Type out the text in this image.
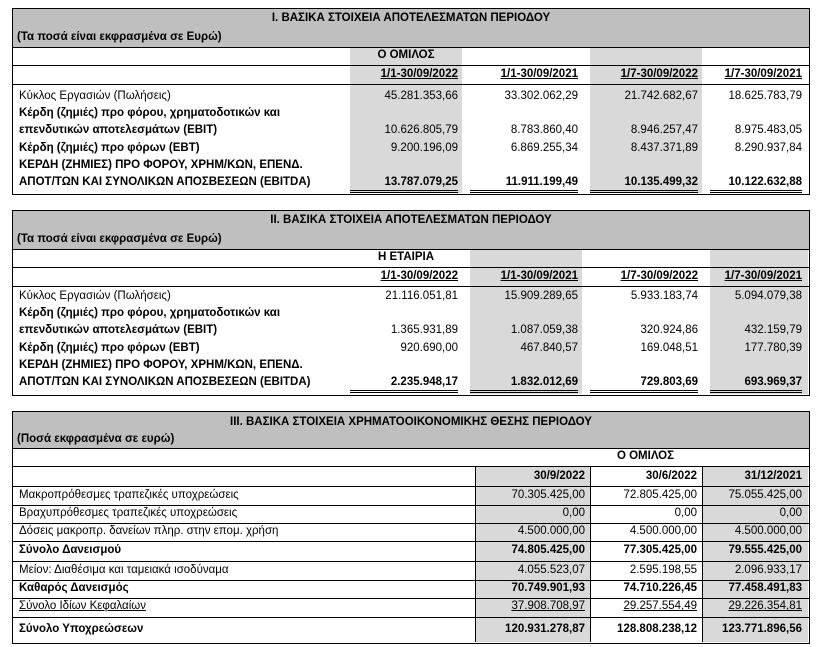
I. ΒΑΣΙΚΑ ΣΤΟΙΧΕΙΑ ΑΠΟΤΕΛΕΣΜΑΤΩΝ ΠΕΡΙΟΔΟΥ
(Τα ποσά είναι εκφρασμένα σε Ευρώ)
Ο ΟΜΙΛΟΣ
1/1-30/09/2022	1/1-30/09/2021	1/7-30/09/2022	1/7-30/09/2021
Κύκλος Εργασιών (Πωλήσεις)	45.281.353,66	33.302.062,29	21.742.682,67	18.625.783,79
Κέρδη (ζημιές) προ φόρου, χρηματοδοτικών και
επενδυτικών αποτελεσμάτων (EBIT)	10.626.805,79	8.783.860,40	8.946.257,47	8.975.483,05
Κέρδη (ζημιές) προ φόρων (EBT)	9.200.196,09	6.869.255,34	8.437.371,89	8.290.937,84
ΚΕΡΔΗ (ΖΗΜΙΕΣ) ΠΡΟ ΦΟΡΟΥ, ΧΡΗΜ/ΚΩΝ, ΕΠΕΝΔ.
ΑΠΟΤ/ΤΩΝ ΚΑΙ ΣΥΝΟΛΙΚΩΝ ΑΠΟΣΒΕΣΕΩΝ (EBITDA)	13.787.079,25	11.911.199,49	10.135.499,32	10.122.632,88
II. ΒΑΣΙΚΑ ΣΤΟΙΧΕΙΑ ΑΠΟΤΕΛΕΣΜΑΤΩΝ ΠΕΡΙΟΔΟΥ
(Τα ποσά είναι εκφρασμένα σε Ευρώ)
Η ΕΤΑΙΡΙΑ
1/1-30/09/2022	1/1-30/09/2021	1/7-30/09/2022	1/7-30/09/2021
Κύκλος Εργασιών (Πωλήσεις)	21.116.051,81	15.909.289,65	5.933.183,74	5.094.079,38
Κέρδη (ζημιές) προ φόρου, χρηματοδοτικών και
επενδυτικών αποτελεσμάτων (EBIT)	1.365.931,89	1.087.059,38	320.924,86	432.159,79
Κέρδη (ζημιές) προ φόρων (EBT)	920.690,00	467.840,57	169.048,51	177.780,39
ΚΕΡΔΗ (ΖΗΜΙΕΣ) ΠΡΟ ΦΟΡΟΥ, ΧΡΗΜ/ΚΩΝ, ΕΠΕΝΔ.
ΑΠΟΤ/ΤΩΝ ΚΑΙ ΣΥΝΟΛΙΚΩΝ ΑΠΟΣΒΕΣΕΩΝ (EBITDA)	2.235.948,17	1.832.012,69	729.803,69	693.969,37
III. ΒΑΣΙΚΑ ΣΤΟΙΧΕΙΑ ΧΡΗΜΑΤΟΟΙΚΟΝΟΜΙΚΗΣ ΘΕΣΗΣ ΠΕΡΙΟΔΟΥ
(Ποσά εκφρασμένα σε ευρώ)
Ο ΟΜΙΛΟΣ
30/9/2022	30/6/2022	31/12/2021
Μακροπρόθεσμες τραπεζικές υποχρεώσεις	70.305.425,00	72.805.425,00	75.055.425,00
Βραχυπρόθεσμες τραπεζικές υποχρεώσεις	0,00	0,00	0,00
Δόσεις μακροπρ. δανείων πληρ. στην επομ. χρήση	4.500.000,00	4.500.000,00	4.500.000,00
Σύνολο Δανεισμού	74.805.425,00	77.305.425,00	79.555.425,00
Μείον: Διαθέσιμα και ταμειακά ισοδύναμα	4.055.523,07	2.595.198,55	2.096.933,17
Καθαρός Δανεισμός	70.749.901,93	74.710.226,45	77.458.491,83
Σύνολο Ιδίων Κεφαλαίων	37.908.708,97	29.257.554,49	29.226.354,81
Σύνολο Υποχρεώσεων	120.931.278,87	128.808.238,12	123.771.896,56
